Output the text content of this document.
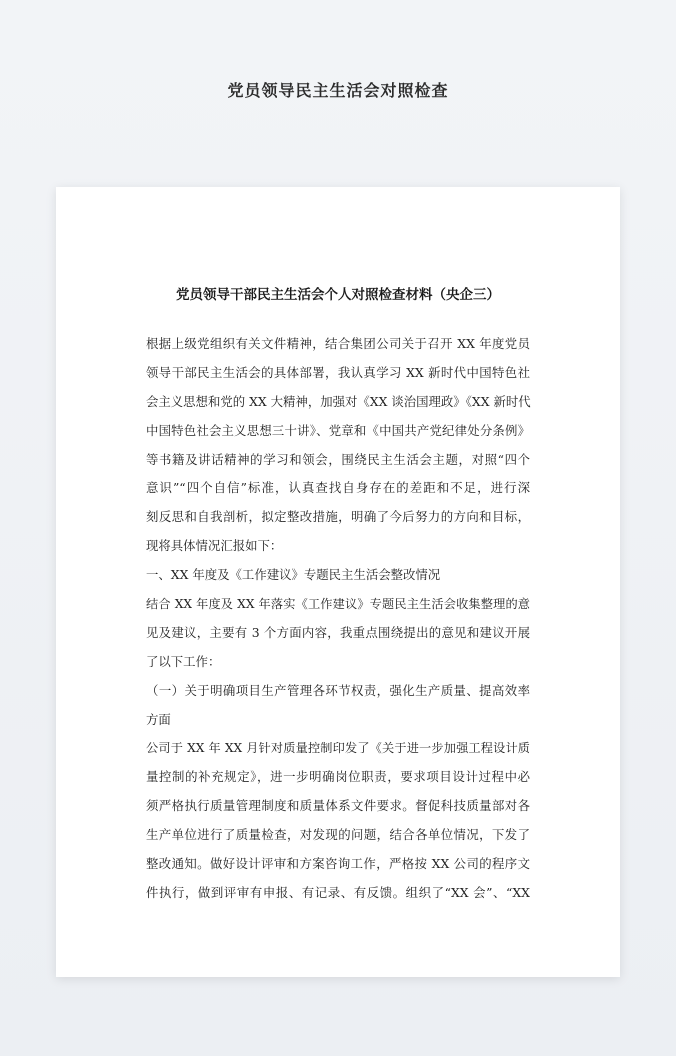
党员领导民主生活会对照检查
党员领导干部民主生活会个人对照检查材料（央企三）
根据上级党组织有关文件精神，结合集团公司关于召开 XX 年度党员
领导干部民主生活会的具体部署，我认真学习 XX 新时代中国特色社
会主义思想和党的 XX 大精神，加强对《XX 谈治国理政》《XX 新时代
中国特色社会主义思想三十讲》、党章和《中国共产党纪律处分条例》
等书籍及讲话精神的学习和领会，围绕民主生活会主题，对照“四个
意识”“四个自信”标准，认真查找自身存在的差距和不足，进行深
刻反思和自我剖析，拟定整改措施，明确了今后努力的方向和目标，
现将具体情况汇报如下：
一、XX 年度及《工作建议》专题民主生活会整改情况
结合 XX 年度及 XX 年落实《工作建议》专题民主生活会收集整理的意
见及建议，主要有 3 个方面内容，我重点围绕提出的意见和建议开展
了以下工作：
（一）关于明确项目生产管理各环节权责，强化生产质量、提高效率
方面
公司于 XX 年 XX 月针对质量控制印发了《关于进一步加强工程设计质
量控制的补充规定》，进一步明确岗位职责，要求项目设计过程中必
须严格执行质量管理制度和质量体系文件要求。督促科技质量部对各
生产单位进行了质量检查，对发现的问题，结合各单位情况，下发了
整改通知。做好设计评审和方案咨询工作，严格按 XX 公司的程序文
件执行，做到评审有申报、有记录、有反馈。组织了“XX 会”、“XX
